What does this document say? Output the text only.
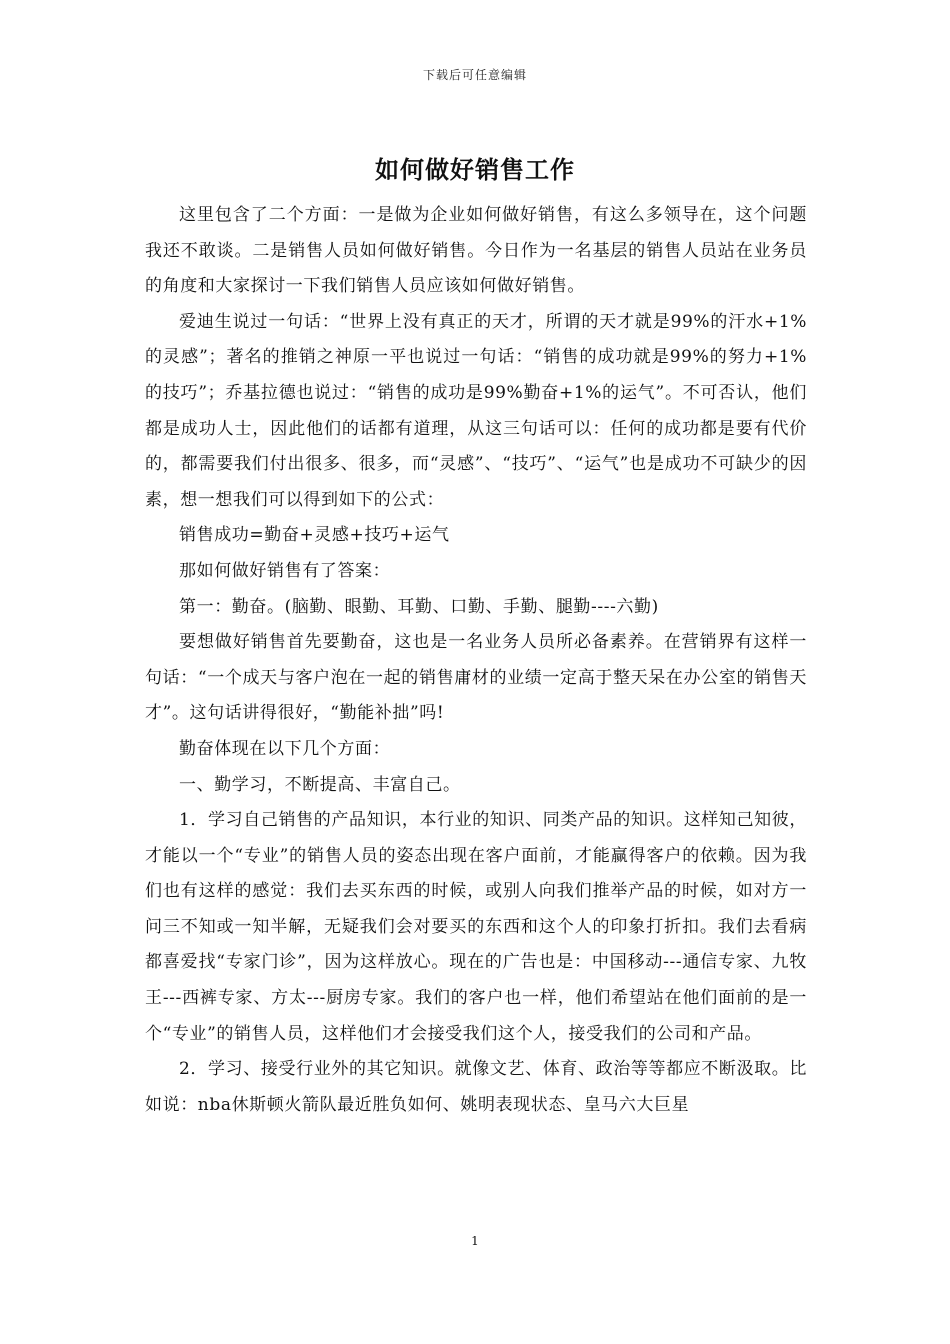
下载后可任意编辑
如何做好销售工作

这里包含了二个方面：一是做为企业如何做好销售，有这么多领导在，这个问题我还不敢谈。二是销售人员如何做好销售。今日作为一名基层的销售人员站在业务员的角度和大家探讨一下我们销售人员应该如何做好销售。

爱迪生说过一句话：“世界上没有真正的天才，所谓的天才就是99%的汗水+1%的灵感”；著名的推销之神原一平也说过一句话：“销售的成功就是99%的努力+1%的技巧”；乔基拉德也说过：“销售的成功是99%勤奋+1%的运气”。不可否认，他们都是成功人士，因此他们的话都有道理，从这三句话可以：任何的成功都是要有代价的，都需要我们付出很多、很多，而“灵感”、“技巧”、“运气”也是成功不可缺少的因素，想一想我们可以得到如下的公式：

销售成功=勤奋+灵感+技巧+运气

那如何做好销售有了答案：

第一：勤奋。(脑勤、眼勤、耳勤、口勤、手勤、腿勤----六勤)

要想做好销售首先要勤奋，这也是一名业务人员所必备素养。在营销界有这样一句话：“一个成天与客户泡在一起的销售庸材的业绩一定高于整天呆在办公室的销售天才”。这句话讲得很好，“勤能补拙”吗!

勤奋体现在以下几个方面：

一、勤学习，不断提高、丰富自己。

1．学习自己销售的产品知识，本行业的知识、同类产品的知识。这样知己知彼，才能以一个“专业”的销售人员的姿态出现在客户面前，才能赢得客户的依赖。因为我们也有这样的感觉：我们去买东西的时候，或别人向我们推举产品的时候，如对方一问三不知或一知半解，无疑我们会对要买的东西和这个人的印象打折扣。我们去看病都喜爱找“专家门诊”，因为这样放心。现在的广告也是：中国移动---通信专家、九牧王---西裤专家、方太---厨房专家。我们的客户也一样，他们希望站在他们面前的是一个“专业”的销售人员，这样他们才会接受我们这个人，接受我们的公司和产品。

2．学习、接受行业外的其它知识。就像文艺、体育、政治等等都应不断汲取。比如说：nba休斯顿火箭队最近胜负如何、姚明表现状态、皇马六大巨星

1
